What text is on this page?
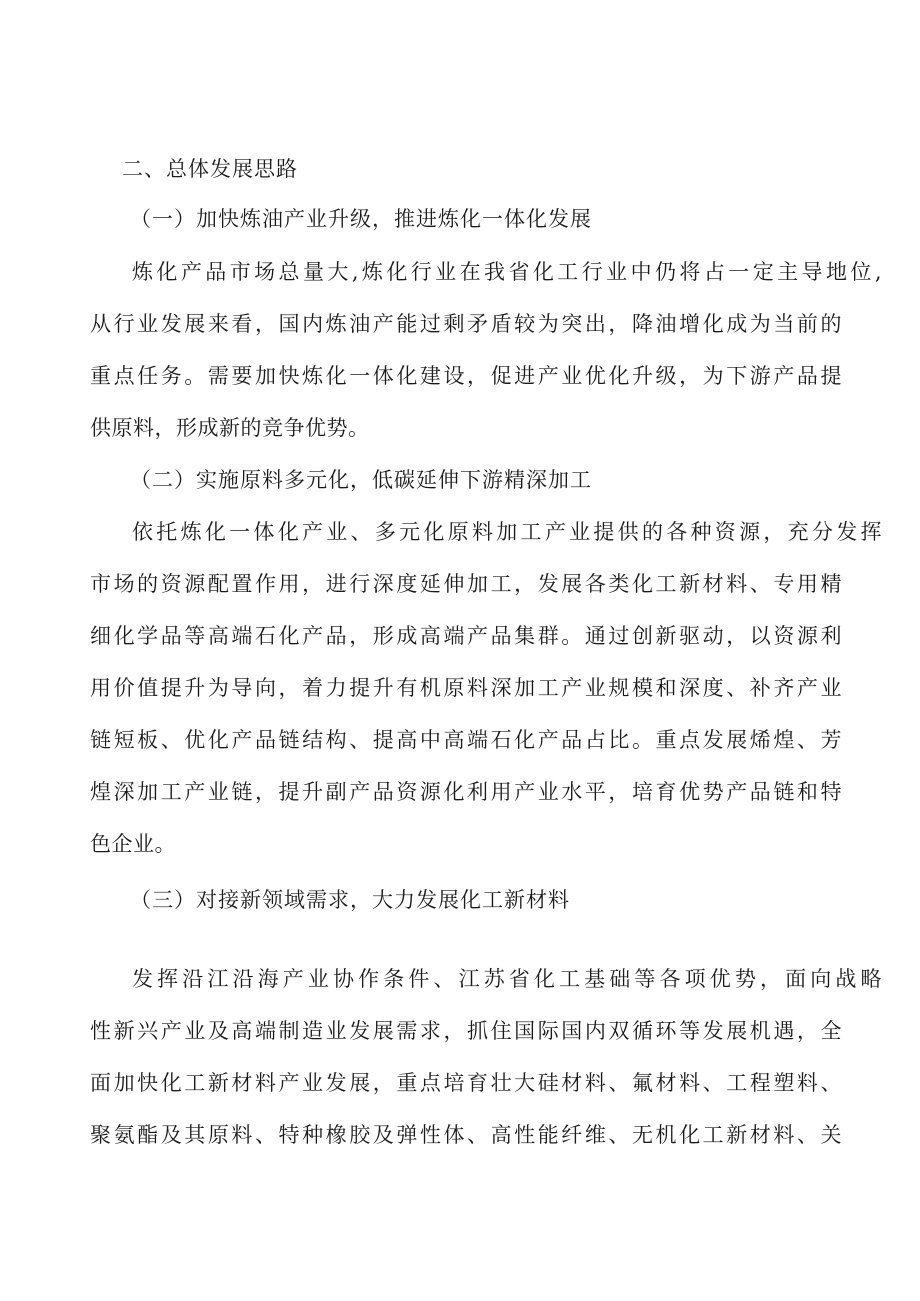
二、总体发展思路

（一）加快炼油产业升级，推进炼化一体化发展

炼化产品市场总量大,炼化行业在我省化工行业中仍将占一定主导地位,

从行业发展来看，国内炼油产能过剩矛盾较为突出，降油增化成为当前的

重点任务。需要加快炼化一体化建设，促进产业优化升级，为下游产品提

供原料，形成新的竞争优势。

（二）实施原料多元化，低碳延伸下游精深加工

依托炼化一体化产业、多元化原料加工产业提供的各种资源，充分发挥

市场的资源配置作用，进行深度延伸加工，发展各类化工新材料、专用精

细化学品等高端石化产品，形成高端产品集群。通过创新驱动，以资源利

用价值提升为导向，着力提升有机原料深加工产业规模和深度、补齐产业

链短板、优化产品链结构、提高中高端石化产品占比。重点发展烯煌、芳

煌深加工产业链，提升副产品资源化利用产业水平，培育优势产品链和特

色企业。

（三）对接新领域需求，大力发展化工新材料

发挥沿江沿海产业协作条件、江苏省化工基础等各项优势，面向战略

性新兴产业及高端制造业发展需求，抓住国际国内双循环等发展机遇，全

面加快化工新材料产业发展，重点培育壮大硅材料、氟材料、工程塑料、

聚氨酯及其原料、特种橡胶及弹性体、高性能纤维、无机化工新材料、关
